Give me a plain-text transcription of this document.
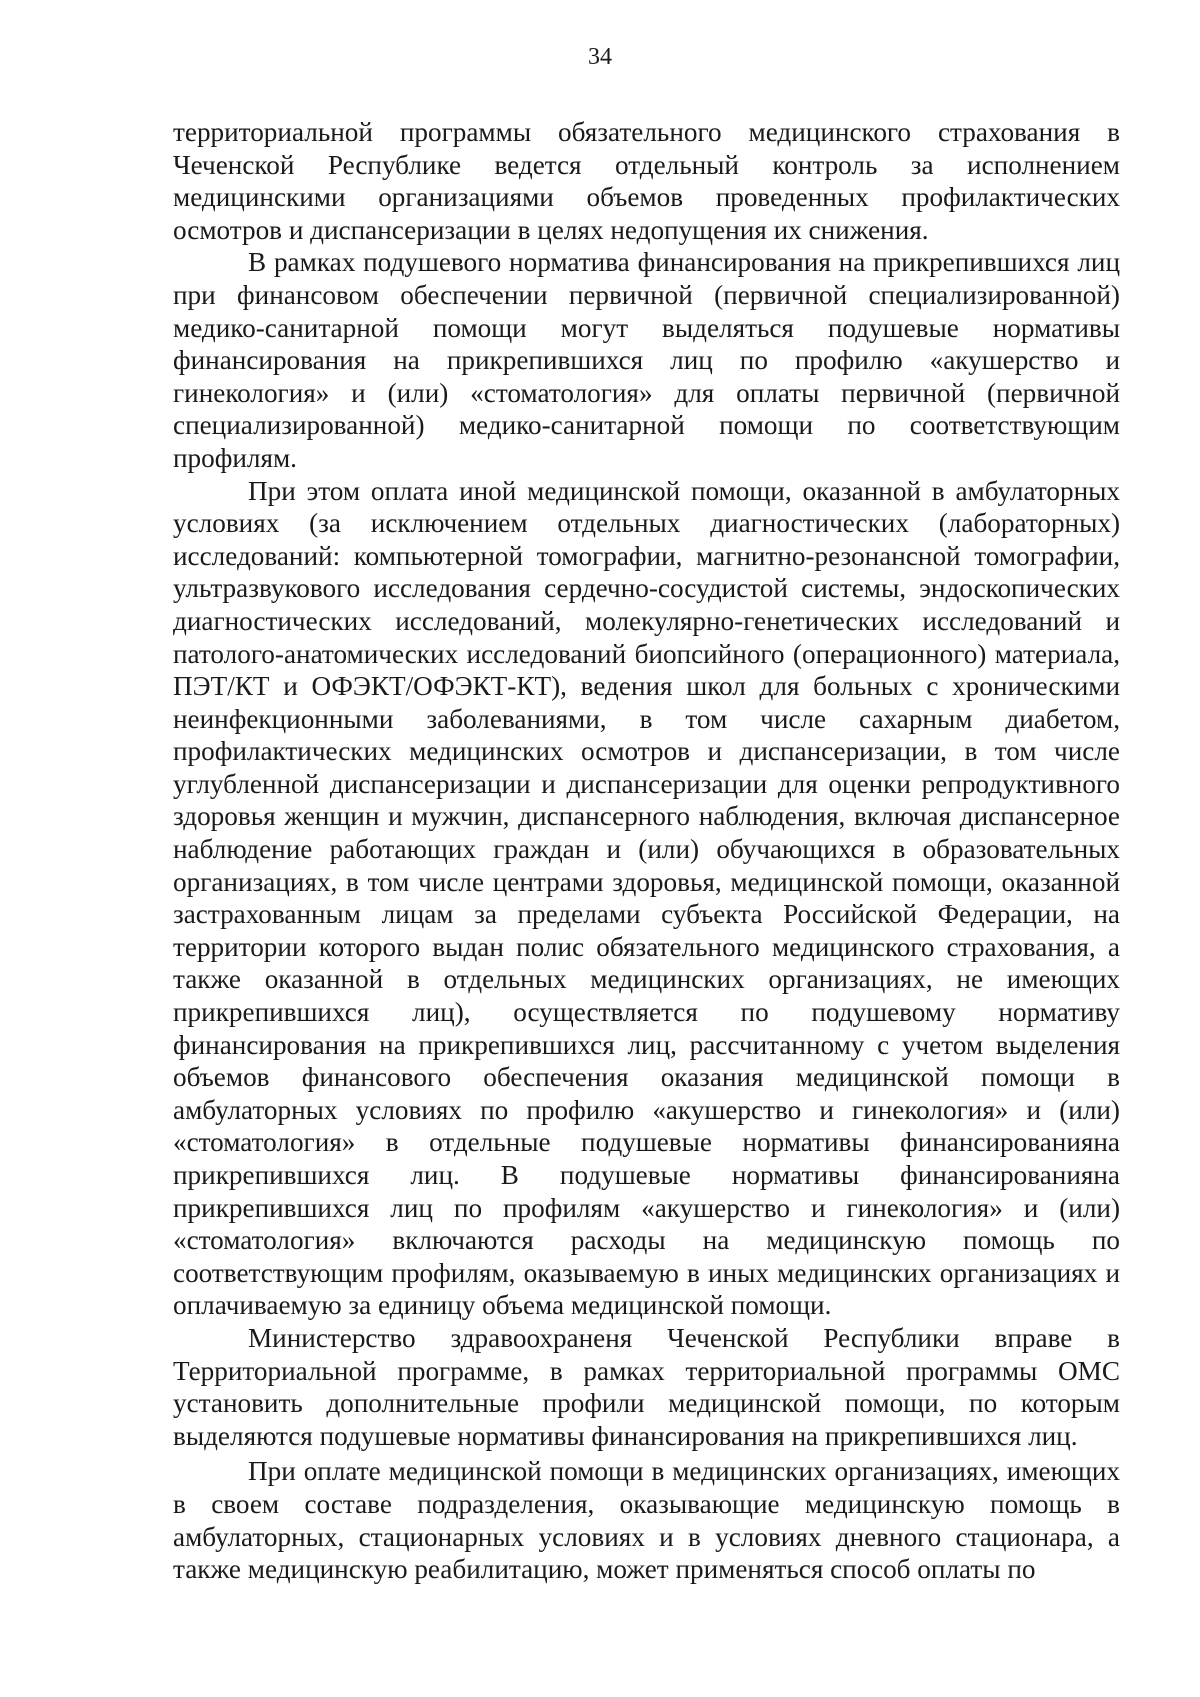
34

территориальной программы обязательного медицинского страхования в Чеченской Республике ведется отдельный контроль за исполнением медицинскими организациями объемов проведенных профилактических осмотров и диспансеризации в целях недопущения их снижения.

В рамках подушевого норматива финансирования на прикрепившихся лиц при финансовом обеспечении первичной (первичной специализированной) медико-санитарной помощи могут выделяться подушевые нормативы финансирования на прикрепившихся лиц по профилю «акушерство и гинекология» и (или) «стоматология» для оплаты первичной (первичной специализированной) медико-санитарной помощи по соответствующим профилям.

При этом оплата иной медицинской помощи, оказанной в амбулаторных условиях (за исключением отдельных диагностических (лабораторных) исследований: компьютерной томографии, магнитно-резонансной томографии, ультразвукового исследования сердечно-сосудистой системы, эндоскопических диагностических исследований, молекулярно-генетических исследований и патолого-анатомических исследований биопсийного (операционного) материала, ПЭТ/КТ и ОФЭКТ/ОФЭКТ-КТ), ведения школ для больных с хроническими неинфекционными заболеваниями, в том числе сахарным диабетом, профилактических медицинских осмотров и диспансеризации, в том числе углубленной диспансеризации и диспансеризации для оценки репродуктивного здоровья женщин и мужчин, диспансерного наблюдения, включая диспансерное наблюдение работающих граждан и (или) обучающихся в образовательных организациях, в том числе центрами здоровья, медицинской помощи, оказанной застрахованным лицам за пределами субъекта Российской Федерации, на территории которого выдан полис обязательного медицинского страхования, а также оказанной в отдельных медицинских организациях, не имеющих прикрепившихся лиц), осуществляется по подушевому нормативу финансирования на прикрепившихся лиц, рассчитанному с учетом выделения объемов финансового обеспечения оказания медицинской помощи в амбулаторных условиях по профилю «акушерство и гинекология» и (или) «стоматология» в отдельные подушевые нормативы финансированияна прикрепившихся лиц. В подушевые нормативы финансированияна прикрепившихся лиц по профилям «акушерство и гинекология» и (или) «стоматология» включаются расходы на медицинскую помощь по соответствующим профилям, оказываемую в иных медицинских организациях и оплачиваемую за единицу объема медицинской помощи.

Министерство здравоохраненя Чеченской Республики вправе в Территориальной программе, в рамках территориальной программы ОМС установить дополнительные профили медицинской помощи, по которым выделяются подушевые нормативы финансирования на прикрепившихся лиц.

При оплате медицинской помощи в медицинских организациях, имеющих в своем составе подразделения, оказывающие медицинскую помощь в амбулаторных, стационарных условиях и в условиях дневного стационара, а также медицинскую реабилитацию, может применяться способ оплаты по
